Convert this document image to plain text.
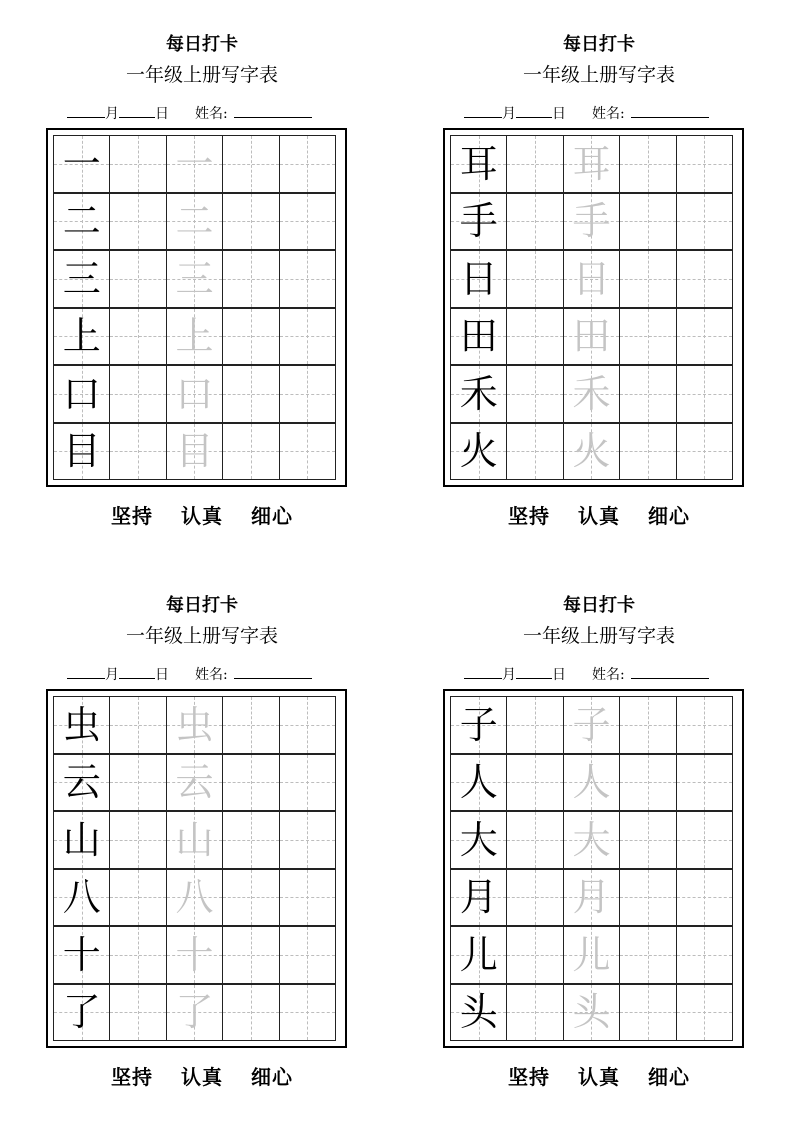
每日打卡
一年级上册写字表
月	日 姓名:
一 一
二 二
三 三
上 上
口 口
目 目
坚持 认真 细心
每日打卡
一年级上册写字表
月	日 姓名:
耳 耳
手 手
日 日
田 田
禾 禾
火 火
坚持 认真 细心
每日打卡
一年级上册写字表
月	日 姓名:
虫 虫
云 云
山 山
八 八
十 十
了 了
坚持 认真 细心
每日打卡
一年级上册写字表
月	日 姓名:
子 子
人 人
大 大
月 月
儿 儿
头 头
坚持 认真 细心
